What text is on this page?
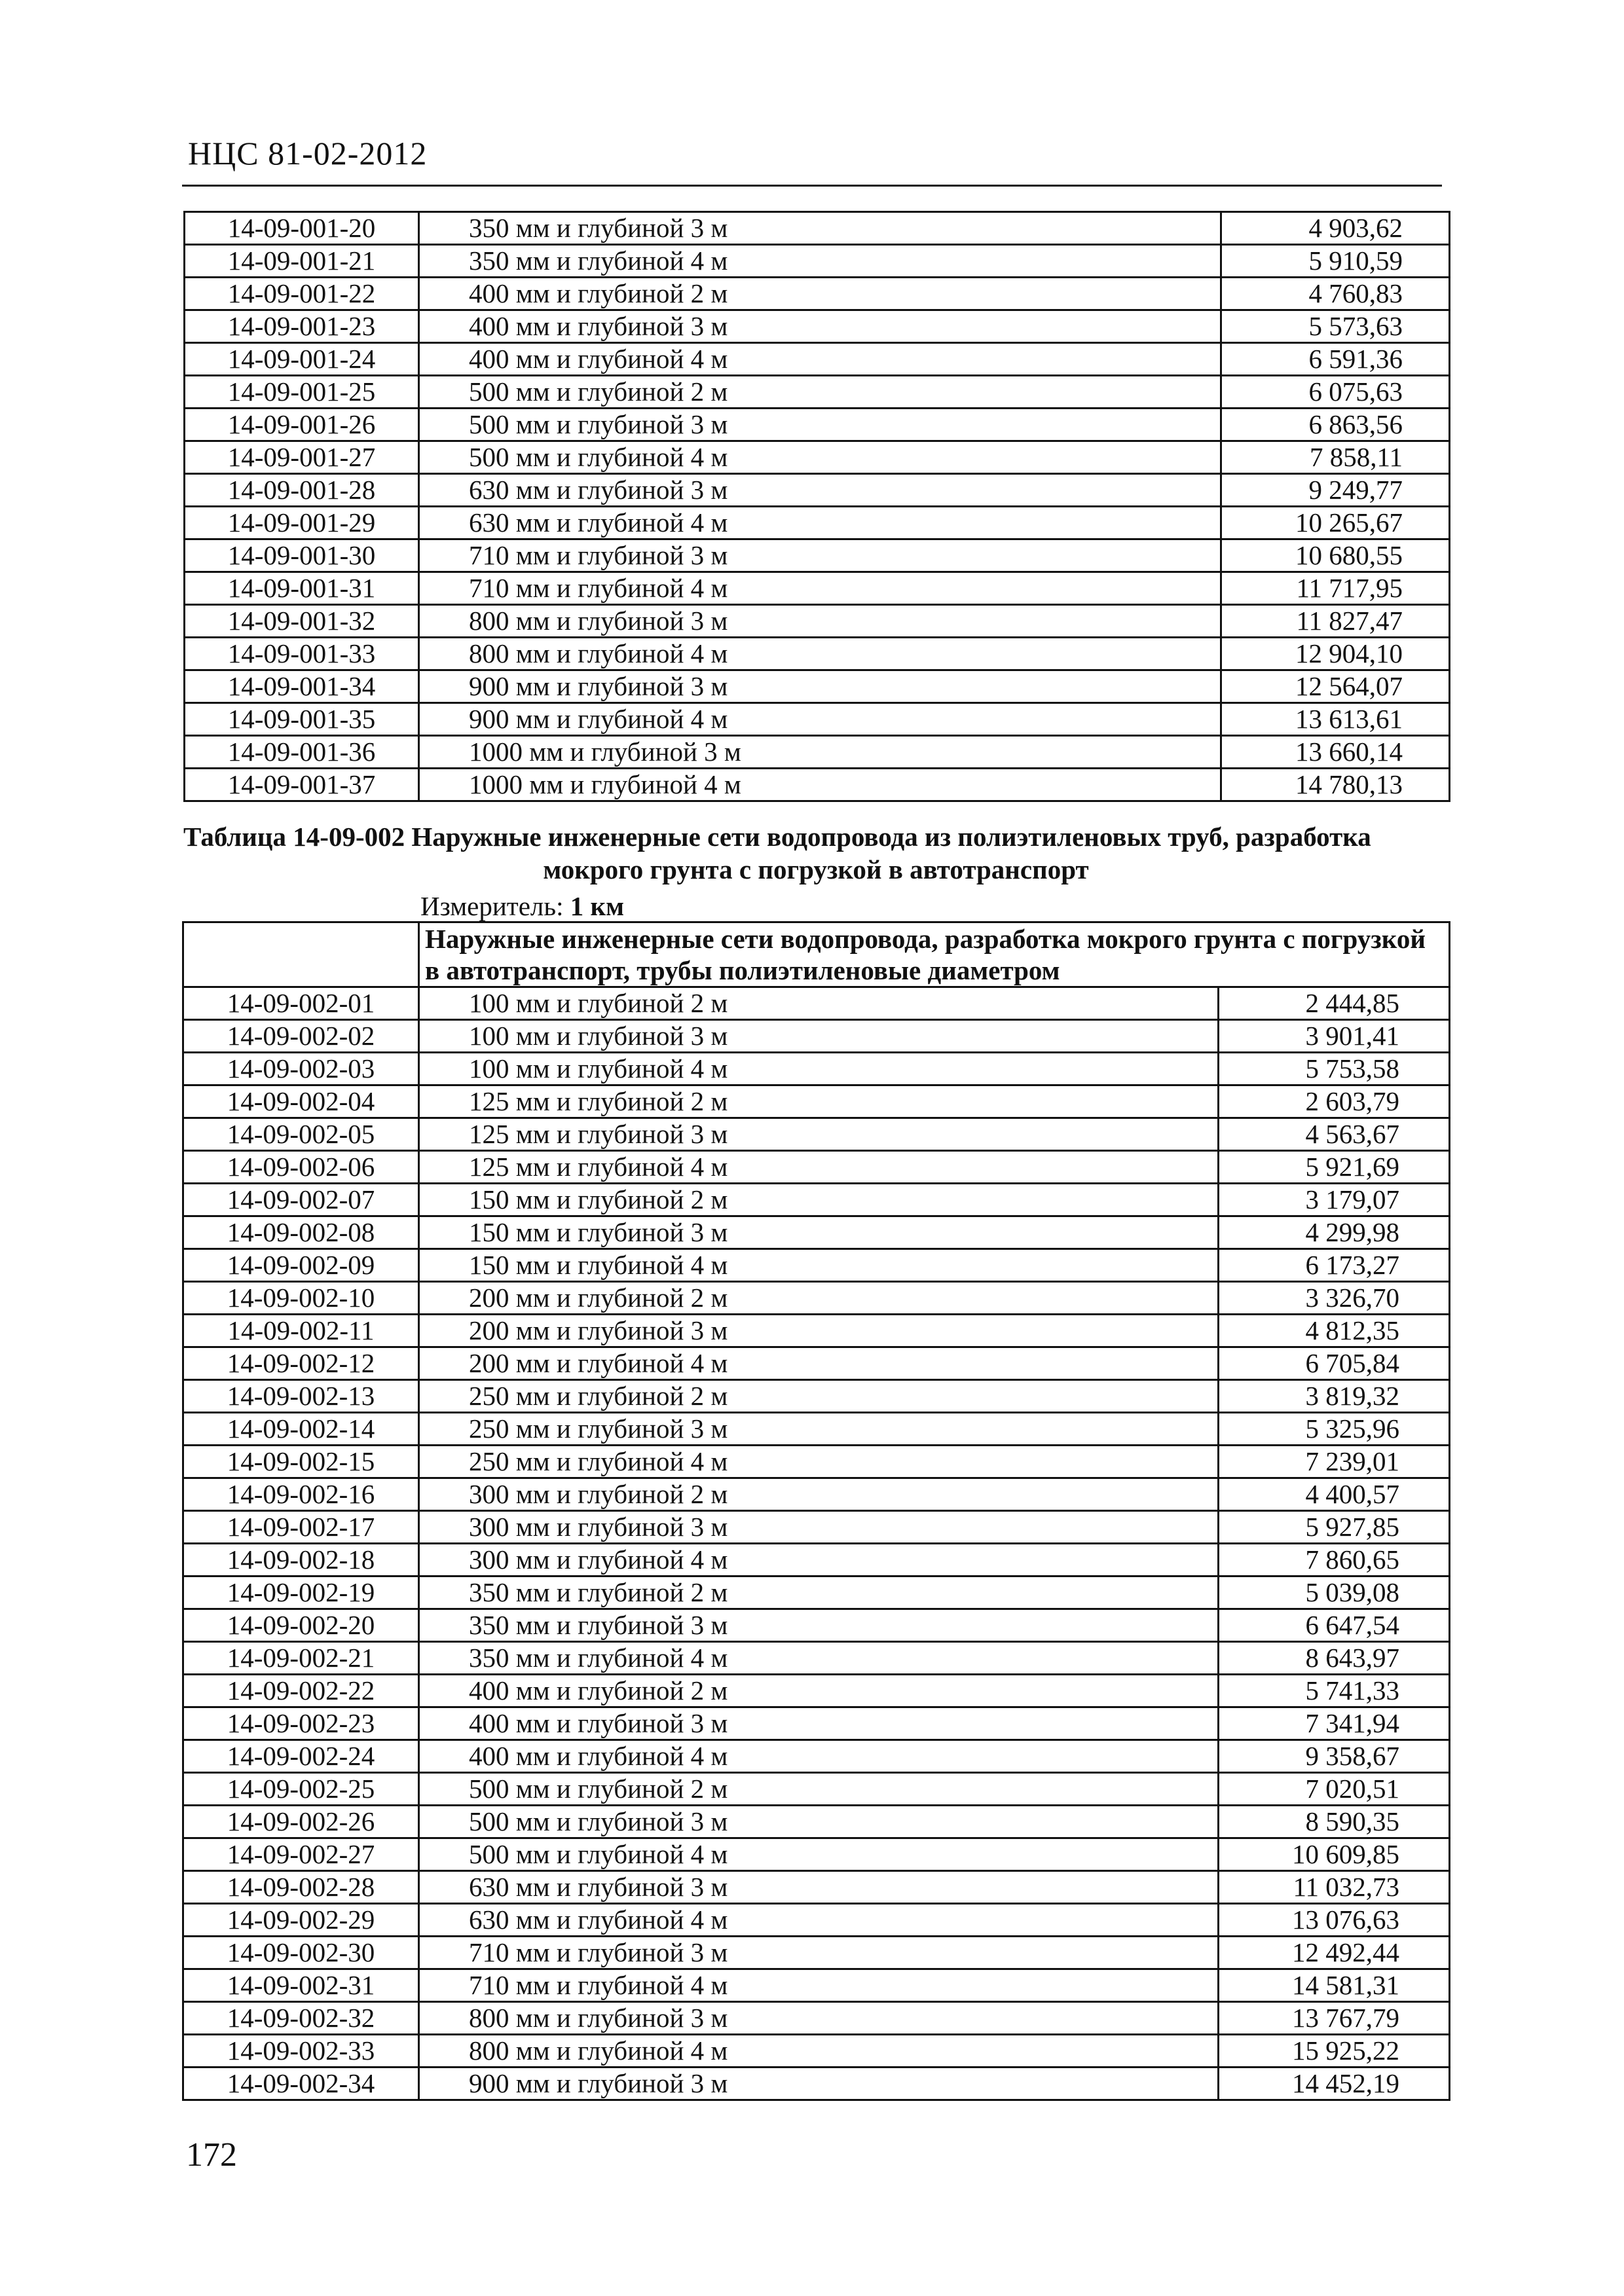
НЦС 81-02-2012
14-09-001-20	350 мм и глубиной 3 м	4 903,62
14-09-001-21	350 мм и глубиной 4 м	5 910,59
14-09-001-22	400 мм и глубиной 2 м	4 760,83
14-09-001-23	400 мм и глубиной 3 м	5 573,63
14-09-001-24	400 мм и глубиной 4 м	6 591,36
14-09-001-25	500 мм и глубиной 2 м	6 075,63
14-09-001-26	500 мм и глубиной 3 м	6 863,56
14-09-001-27	500 мм и глубиной 4 м	7 858,11
14-09-001-28	630 мм и глубиной 3 м	9 249,77
14-09-001-29	630 мм и глубиной 4 м	10 265,67
14-09-001-30	710 мм и глубиной 3 м	10 680,55
14-09-001-31	710 мм и глубиной 4 м	11 717,95
14-09-001-32	800 мм и глубиной 3 м	11 827,47
14-09-001-33	800 мм и глубиной 4 м	12 904,10
14-09-001-34	900 мм и глубиной 3 м	12 564,07
14-09-001-35	900 мм и глубиной 4 м	13 613,61
14-09-001-36	1000 мм и глубиной 3 м	13 660,14
14-09-001-37	1000 мм и глубиной 4 м	14 780,13
Таблица 14-09-002 Наружные инженерные сети водопровода из полиэтиленовых труб, разработка
мокрого грунта с погрузкой в автотранспорт
Измеритель: 1 км
	Наружные инженерные сети водопровода, разработка мокрого грунта с погрузкой в автотранспорт, трубы полиэтиленовые диаметром	
14-09-002-01	100 мм и глубиной 2 м	2 444,85
14-09-002-02	100 мм и глубиной 3 м	3 901,41
14-09-002-03	100 мм и глубиной 4 м	5 753,58
14-09-002-04	125 мм и глубиной 2 м	2 603,79
14-09-002-05	125 мм и глубиной 3 м	4 563,67
14-09-002-06	125 мм и глубиной 4 м	5 921,69
14-09-002-07	150 мм и глубиной 2 м	3 179,07
14-09-002-08	150 мм и глубиной 3 м	4 299,98
14-09-002-09	150 мм и глубиной 4 м	6 173,27
14-09-002-10	200 мм и глубиной 2 м	3 326,70
14-09-002-11	200 мм и глубиной 3 м	4 812,35
14-09-002-12	200 мм и глубиной 4 м	6 705,84
14-09-002-13	250 мм и глубиной 2 м	3 819,32
14-09-002-14	250 мм и глубиной 3 м	5 325,96
14-09-002-15	250 мм и глубиной 4 м	7 239,01
14-09-002-16	300 мм и глубиной 2 м	4 400,57
14-09-002-17	300 мм и глубиной 3 м	5 927,85
14-09-002-18	300 мм и глубиной 4 м	7 860,65
14-09-002-19	350 мм и глубиной 2 м	5 039,08
14-09-002-20	350 мм и глубиной 3 м	6 647,54
14-09-002-21	350 мм и глубиной 4 м	8 643,97
14-09-002-22	400 мм и глубиной 2 м	5 741,33
14-09-002-23	400 мм и глубиной 3 м	7 341,94
14-09-002-24	400 мм и глубиной 4 м	9 358,67
14-09-002-25	500 мм и глубиной 2 м	7 020,51
14-09-002-26	500 мм и глубиной 3 м	8 590,35
14-09-002-27	500 мм и глубиной 4 м	10 609,85
14-09-002-28	630 мм и глубиной 3 м	11 032,73
14-09-002-29	630 мм и глубиной 4 м	13 076,63
14-09-002-30	710 мм и глубиной 3 м	12 492,44
14-09-002-31	710 мм и глубиной 4 м	14 581,31
14-09-002-32	800 мм и глубиной 3 м	13 767,79
14-09-002-33	800 мм и глубиной 4 м	15 925,22
14-09-002-34	900 мм и глубиной 3 м	14 452,19
172
